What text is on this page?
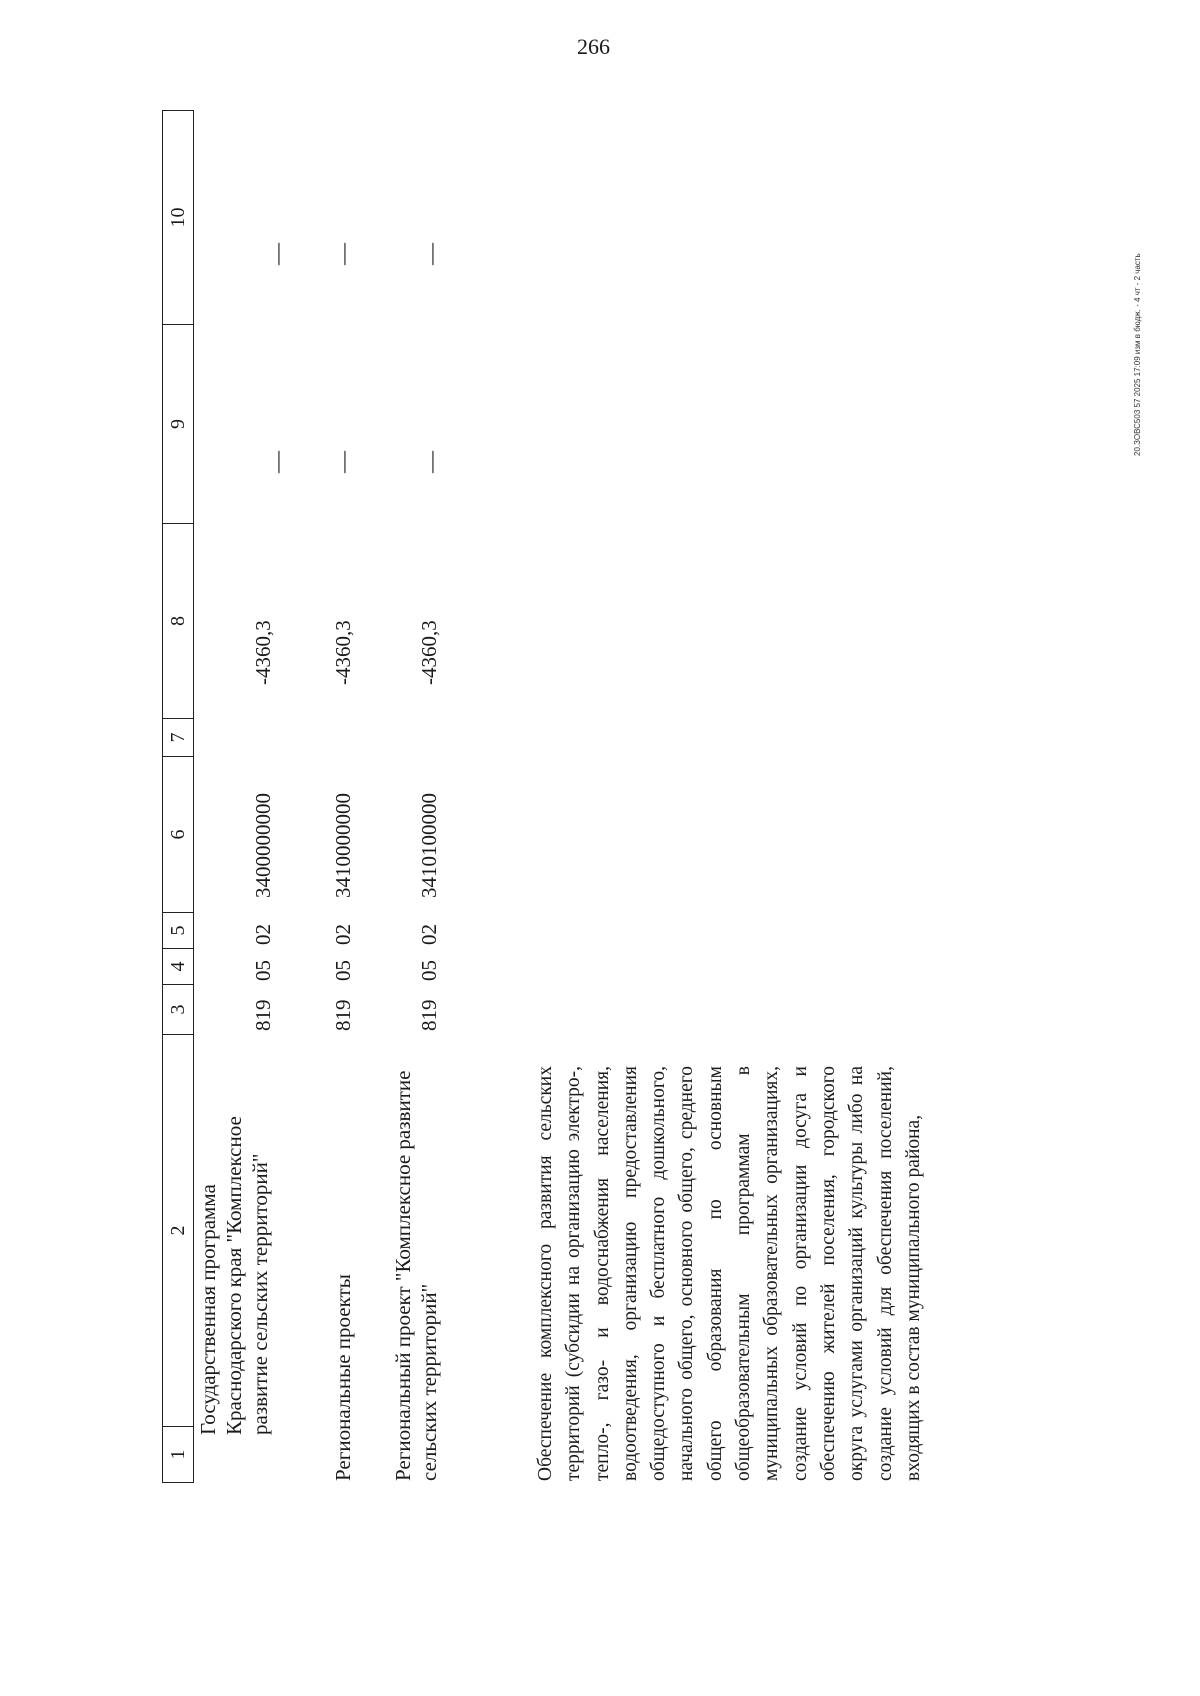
266
20.ЗОВС503 57 2025 17:09 изм в бюдж. - 4 чт - 2 часть
1
2
3
4
5
6
7
8
9
10
Государственная программа Краснодарского края "Комплексное развитие сельских территорий"
819
05
02
3400000000
-4360,3
—
—
Региональные проекты
819
05
02
3410000000
-4360,3
—
—
Региональный проект "Комплексное развитие сельских территорий"
819
05
02
3410100000
-4360,3
—
—
Обеспечение комплексного развития сельских территорий (субсидии на организацию электро-, тепло-, газо- и водоснабжения населения, водоотведения, организацию предоставления общедоступного и бесплатного дошкольного, начального общего, основного общего, среднего общего образования по основным общеобразовательным программам в муниципальных образовательных организациях, создание условий по организации досуга и обеспечению жителей поселения, городского округа услугами организаций культуры либо на создание условий для обеспечения поселений, входящих в состав муниципального района,
